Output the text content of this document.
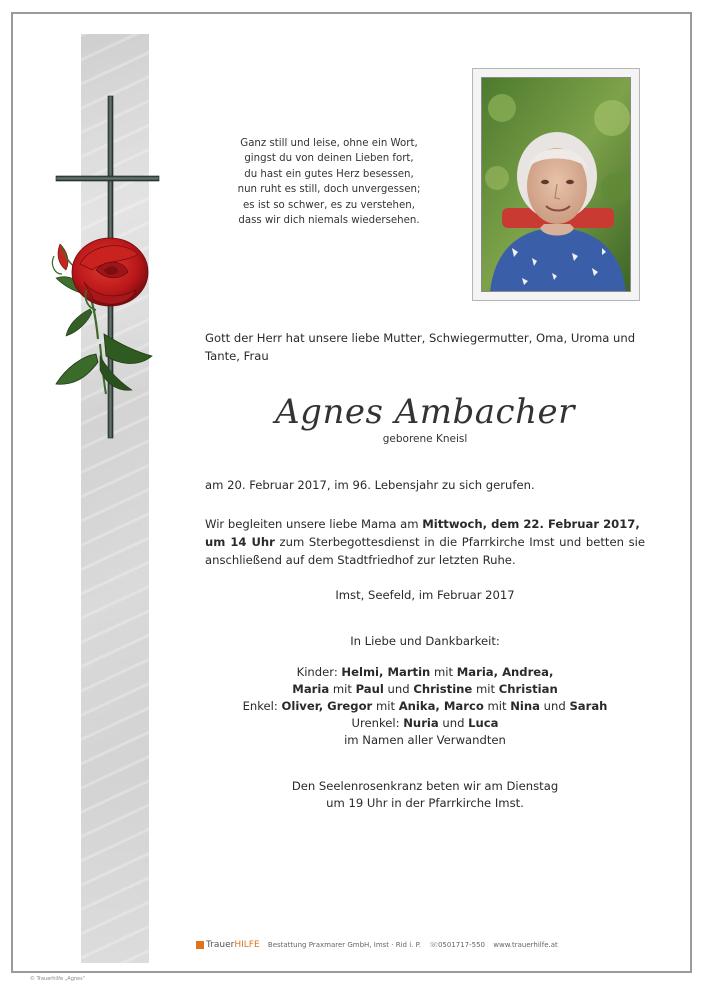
Ganz still und leise, ohne ein Wort,
gingst du von deinen Lieben fort,
du hast ein gutes Herz besessen,
nun ruht es still, doch unvergessen;
es ist so schwer, es zu verstehen,
dass wir dich niemals wiedersehen.
Gott der Herr hat unsere liebe Mutter, Schwiegermutter, Oma, Uroma und Tante, Frau
Agnes Ambacher
geborene Kneisl
am 20. Februar 2017, im 96. Lebensjahr zu sich gerufen.
Wir begleiten unsere liebe Mama am Mittwoch, dem 22. Februar 2017,
um 14 Uhr zum Sterbegottesdienst in die Pfarrkirche Imst und betten sie anschließend auf dem Stadtfriedhof zur letzten Ruhe.
Imst, Seefeld, im Februar 2017
In Liebe und Dankbarkeit:
Kinder: Helmi, Martin mit Maria, Andrea,
Maria mit Paul und Christine mit Christian
Enkel: Oliver, Gregor mit Anika, Marco mit Nina und Sarah
Urenkel: Nuria und Luca
im Namen aller Verwandten
Den Seelenrosenkranz beten wir am Dienstag
um 19 Uhr in der Pfarrkirche Imst.
TrauerHILFE Bestattung Praxmarer GmbH, Imst · Rid i. P. ☏0501717-550 www.trauerhilfe.at
© Trauerhilfe „Agnes“
